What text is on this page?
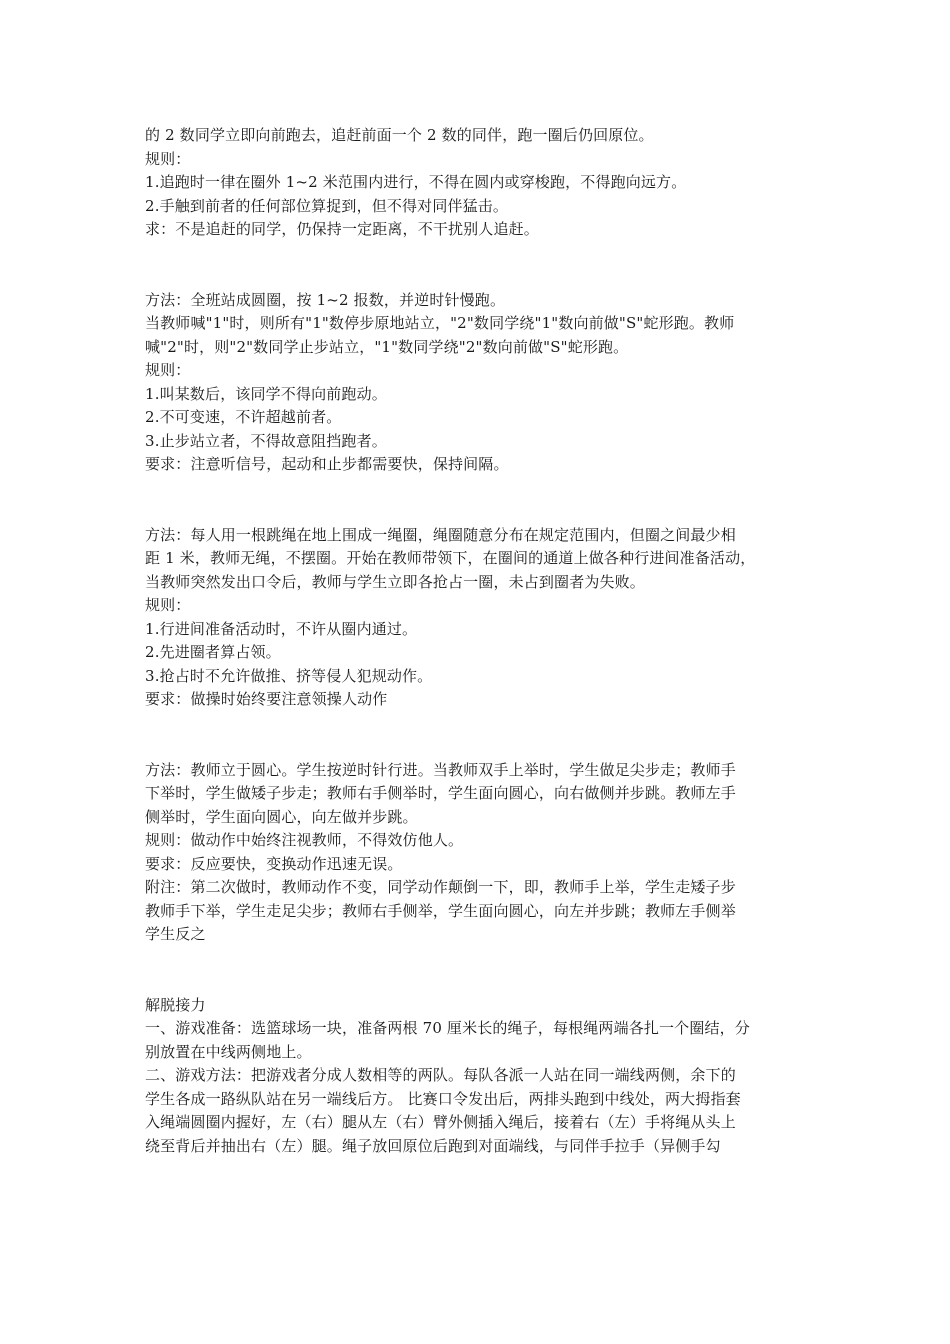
的 2 数同学立即向前跑去，追赶前面一个 2 数的同伴，跑一圈后仍回原位。
规则：
1.追跑时一律在圈外 1~2 米范围内进行，不得在圆内或穿梭跑，不得跑向远方。
2.手触到前者的任何部位算捉到，但不得对同伴猛击。
求：不是追赶的同学，仍保持一定距离，不干扰别人追赶。
方法：全班站成圆圈，按 1~2 报数，并逆时针慢跑。
当教师喊"1"时，则所有"1"数停步原地站立，"2"数同学绕"1"数向前做"S"蛇形跑。教师
喊"2"时，则"2"数同学止步站立，"1"数同学绕"2"数向前做"S"蛇形跑。
规则：
1.叫某数后，该同学不得向前跑动。
2.不可变速，不许超越前者。
3.止步站立者，不得故意阻挡跑者。
要求：注意听信号，起动和止步都需要快，保持间隔。
方法：每人用一根跳绳在地上围成一绳圈，绳圈随意分布在规定范围内，但圈之间最少相
距 1 米，教师无绳，不摆圈。开始在教师带领下，在圈间的通道上做各种行进间准备活动，
当教师突然发出口令后，教师与学生立即各抢占一圈，未占到圈者为失败。
规则：
1.行进间准备活动时，不许从圈内通过。
2.先进圈者算占领。
3.抢占时不允许做推、挤等侵人犯规动作。
要求：做操时始终要注意领操人动作
方法：教师立于圆心。学生按逆时针行进。当教师双手上举时，学生做足尖步走；教师手
下举时，学生做矮子步走；教师右手侧举时，学生面向圆心，向右做侧并步跳。教师左手
侧举时，学生面向圆心，向左做并步跳。
规则：做动作中始终注视教师，不得效仿他人。
要求：反应要快，变换动作迅速无误。
附注：第二次做时，教师动作不变，同学动作颠倒一下，即，教师手上举，学生走矮子步
教师手下举，学生走足尖步；教师右手侧举，学生面向圆心，向左并步跳；教师左手侧举
学生反之
解脱接力
一、游戏准备：选篮球场一块，准备两根 70 厘米长的绳子，每根绳两端各扎一个圈结，分
别放置在中线两侧地上。
二、游戏方法：把游戏者分成人数相等的两队。每队各派一人站在同一端线两侧，余下的
学生各成一路纵队站在另一端线后方。 比赛口令发出后，两排头跑到中线处，两大拇指套
入绳端圆圈内握好，左（右）腿从左（右）臂外侧插入绳后，接着右（左）手将绳从头上
绕至背后并抽出右（左）腿。绳子放回原位后跑到对面端线，与同伴手拉手（异侧手勾
